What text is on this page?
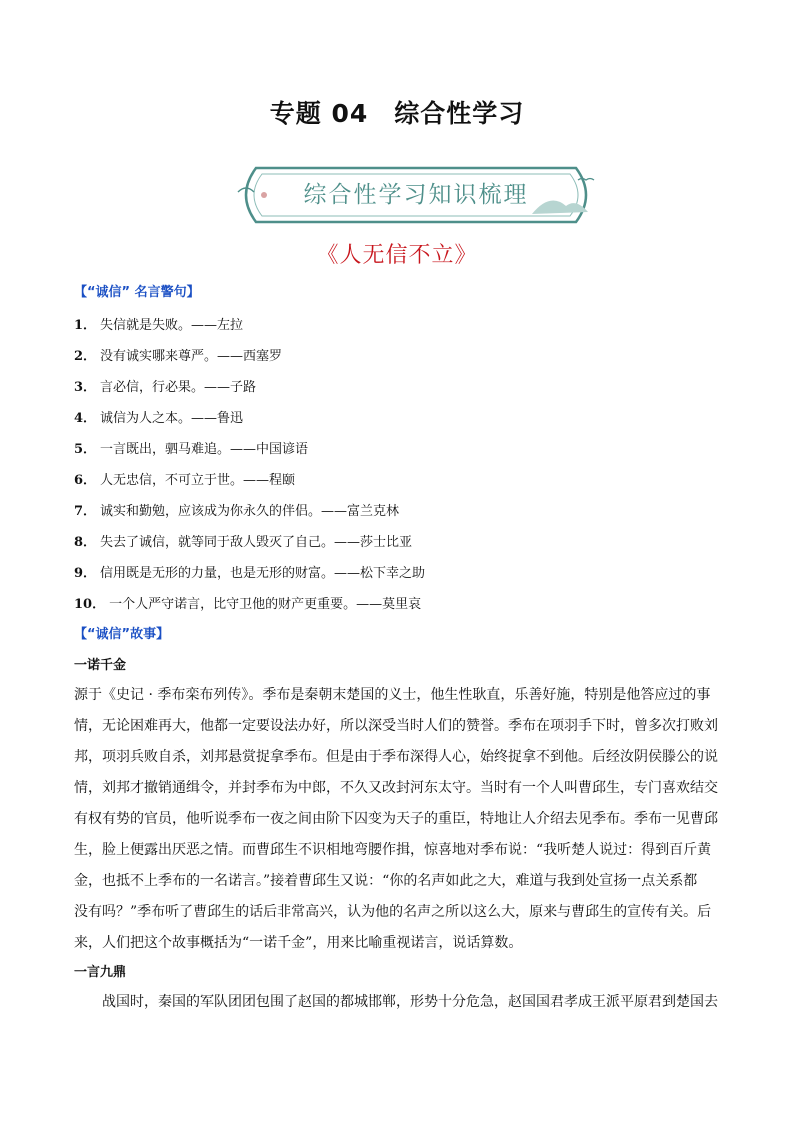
专题 04　综合性学习
综合性学习知识梳理
《人无信不立》
【“诚信” 名言警句】
1． 失信就是失败。——左拉
2． 没有诚实哪来尊严。——西塞罗
3． 言必信，行必果。——子路
4． 诚信为人之本。——鲁迅
5． 一言既出，驷马难追。——中国谚语
6． 人无忠信，不可立于世。——程颐
7． 诚实和勤勉，应该成为你永久的伴侣。——富兰克林
8． 失去了诚信，就等同于敌人毁灭了自己。——莎士比亚
9． 信用既是无形的力量，也是无形的财富。——松下幸之助
10． 一个人严守诺言，比守卫他的财产更重要。——莫里哀
【“诚信”故事】
一诺千金
源于《史记 · 季布栾布列传》。季布是秦朝末楚国的义士，他生性耿直，乐善好施，特别是他答应过的事
情，无论困难再大，他都一定要设法办好，所以深受当时人们的赞誉。季布在项羽手下时，曾多次打败刘
邦，项羽兵败自杀，刘邦悬赏捉拿季布。但是由于季布深得人心，始终捉拿不到他。后经汝阴侯滕公的说
情，刘邦才撤销通缉令，并封季布为中郎，不久又改封河东太守。当时有一个人叫曹邱生，专门喜欢结交
有权有势的官员，他听说季布一夜之间由阶下囚变为天子的重臣，特地让人介绍去见季布。季布一见曹邱
生，脸上便露出厌恶之情。而曹邱生不识相地弯腰作揖，惊喜地对季布说：“我听楚人说过：得到百斤黄
金，也抵不上季布的一名诺言。”接着曹邱生又说：“你的名声如此之大，难道与我到处宣扬一点关系都
没有吗？”季布听了曹邱生的话后非常高兴，认为他的名声之所以这么大，原来与曹邱生的宣传有关。后
来，人们把这个故事概括为“一诺千金”，用来比喻重视诺言，说话算数。
一言九鼎
战国时，秦国的军队团团包围了赵国的都城邯郸，形势十分危急，赵国国君孝成王派平原君到楚国去
